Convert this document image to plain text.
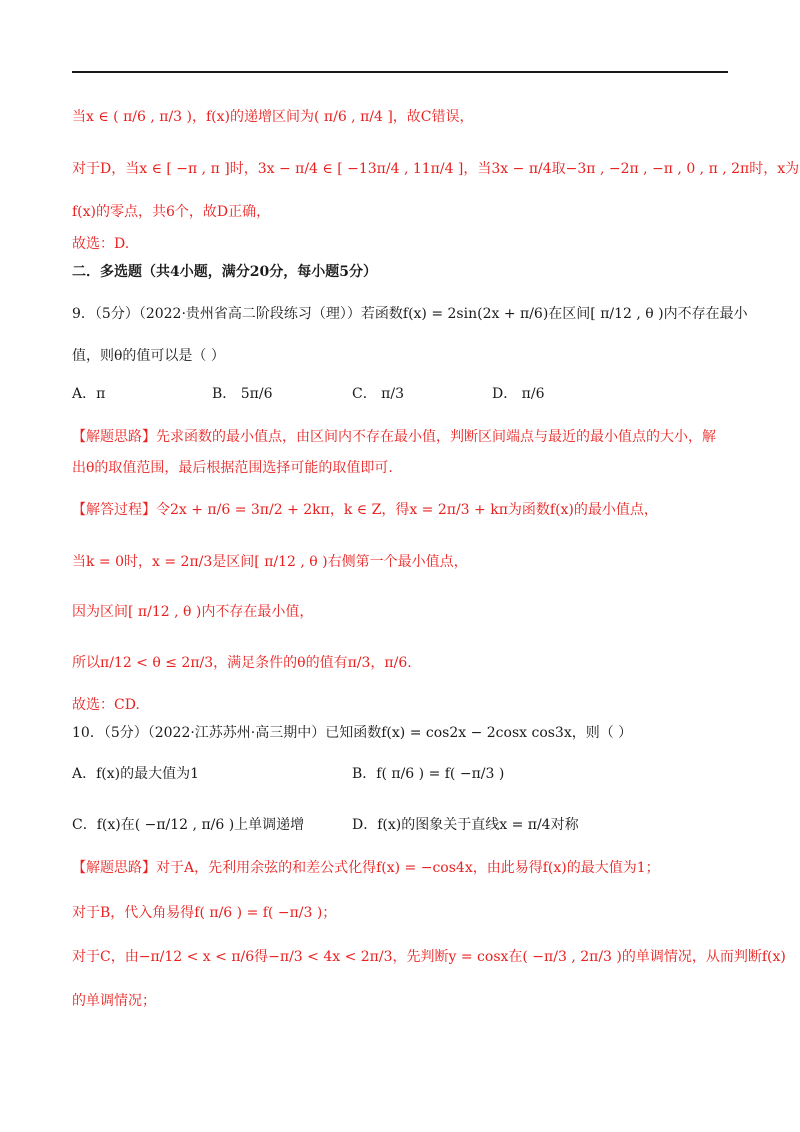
当x ∈ ( π/6 , π/3 )，f(x)的递增区间为( π/6 , π/4 ]，故C错误，
对于D，当x ∈ [ −π , π ]时，3x − π/4 ∈ [ −13π/4 , 11π/4 ]，当3x − π/4取−3π , −2π , −π , 0 , π , 2π时，x为
f(x)的零点，共6个，故D正确，
故选：D.
二．多选题（共4小题，满分20分，每小题5分）
9．（5分）（2022·贵州省高二阶段练习（理））若函数f(x) = 2sin(2x + π/6)在区间[ π/12 , θ )内不存在最小
值，则θ的值可以是（ ）
A．π	B． 5π/6	C． π/3	D． π/6
【解题思路】先求函数的最小值点，由区间内不存在最小值，判断区间端点与最近的最小值点的大小，解
出θ的取值范围，最后根据范围选择可能的取值即可.
【解答过程】令2x + π/6 = 3π/2 + 2kπ，k ∈ Z，得x = 2π/3 + kπ为函数f(x)的最小值点，
当k = 0时，x = 2π/3是区间[ π/12 , θ )右侧第一个最小值点，
因为区间[ π/12 , θ )内不存在最小值，
所以π/12 < θ ≤ 2π/3，满足条件的θ的值有π/3，π/6.
故选：CD.
10．（5分）（2022·江苏苏州·高三期中）已知函数f(x) = cos2x − 2cosx cos3x，则（ ）
A．f(x)的最大值为1	B．f( π/6 ) = f( −π/3 )
C．f(x)在( −π/12 , π/6 )上单调递增	D．f(x)的图象关于直线x = π/4对称
【解题思路】对于A，先利用余弦的和差公式化得f(x) = −cos4x，由此易得f(x)的最大值为1；
对于B，代入角易得f( π/6 ) = f( −π/3 )；
对于C，由−π/12 < x < π/6得−π/3 < 4x < 2π/3，先判断y = cosx在( −π/3 , 2π/3 )的单调情况，从而判断f(x)
的单调情况；
